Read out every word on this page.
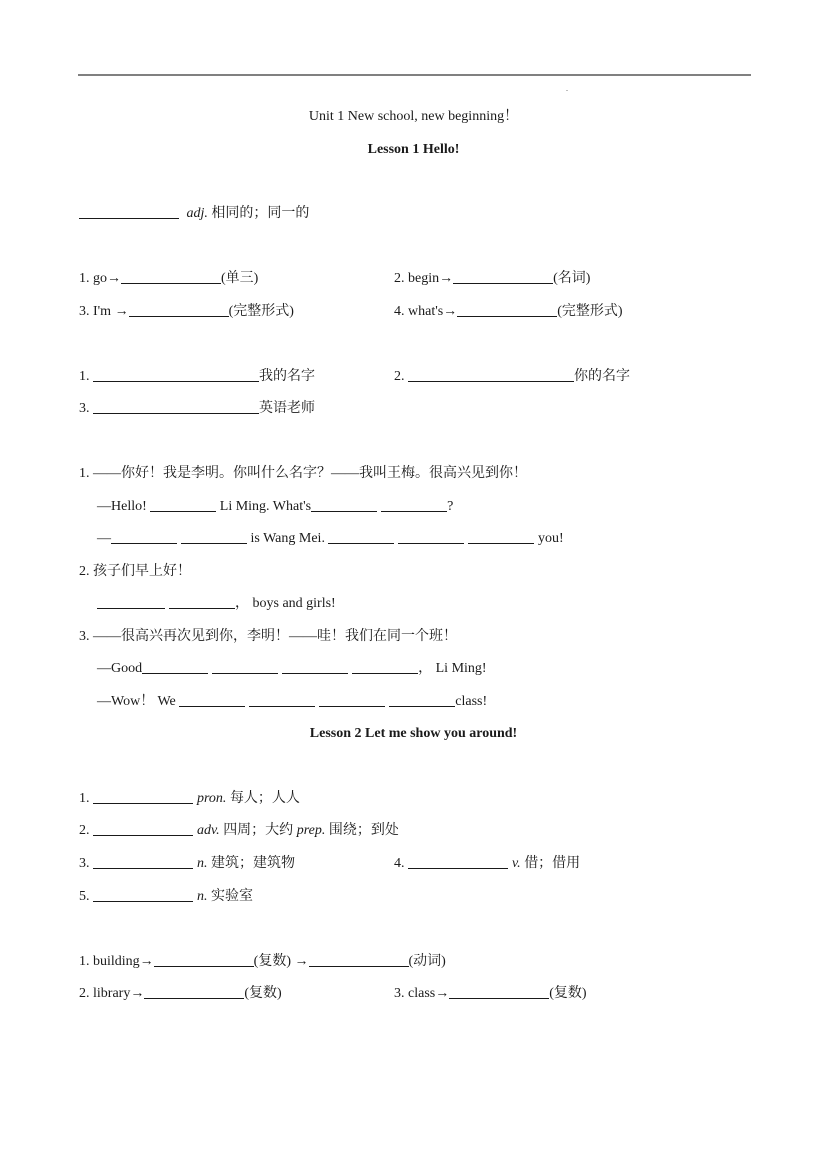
.
Unit 1 New school, new beginning！
Lesson 1 Hello!
adj. 相同的；同一的
1. go→	(单三)	2. begin→	(名词)
3. I'm →	(完整形式)	4. what's→	(完整形式)
1.	我的名字	2.	你的名字
3.	英语老师
1. ——你好！我是李明。你叫什么名字？——我叫王梅。很高兴见到你！
—Hello!	Li Ming. What's	?
—	is Wang Mei.	you!
2. 孩子们早上好！
， boys and girls!
3. ——很高兴再次见到你，李明！——哇！我们在同一个班！
—Good	， Li Ming!
—Wow！ We	class!
Lesson 2 Let me show you around!
1.	pron. 每人；人人
2.	adv. 四周；大约 prep. 围绕；到处
3.	n. 建筑；建筑物	4.	v. 借；借用
5.	n. 实验室
1. building→	(复数) →	(动词)
2. library→	(复数)	3. class→	(复数)
